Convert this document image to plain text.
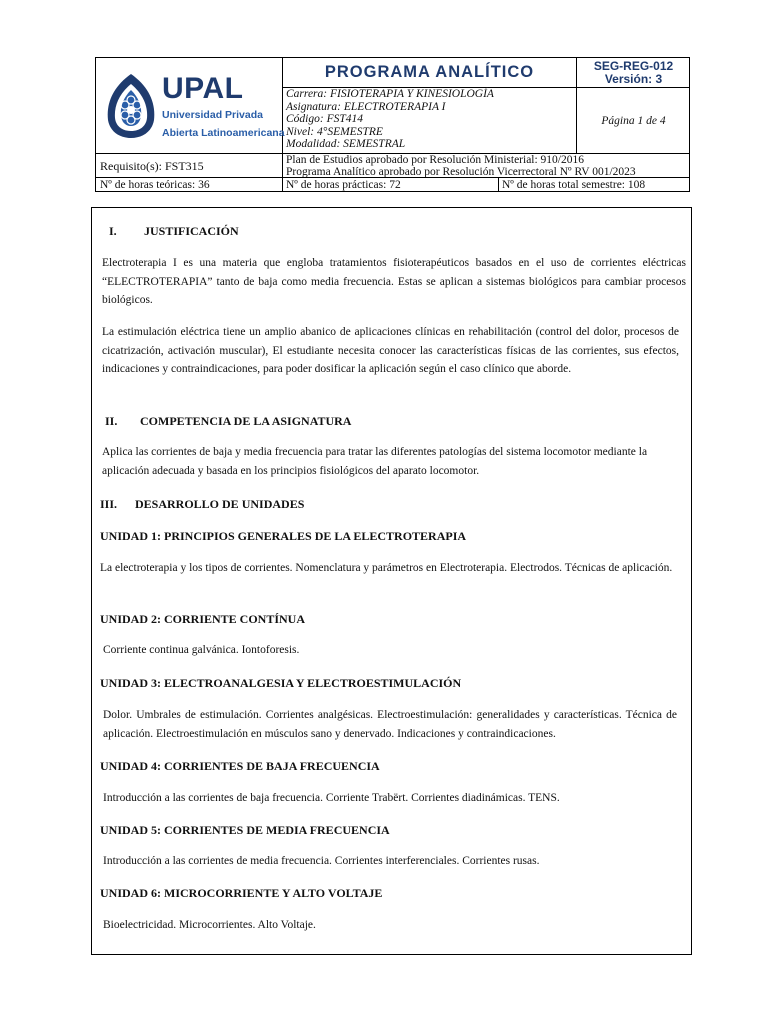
UPAL
Universidad Privada
Abierta Latinoamericana
PROGRAMA ANALÍTICO	SEG-REG-012
Versión: 3
Carrera: FISIOTERAPIA Y KINESIOLOGÍA
Asignatura: ELECTROTERAPIA I
Código: FST414
Nivel: 4°SEMESTRE
Modalidad: SEMESTRAL
Página 1 de 4
Requisito(s): FST315	Plan de Estudios aprobado por Resolución Ministerial: 910/2016
Programa Analítico aprobado por Resolución Vicerrectoral Nº RV 001/2023
Nº de horas teóricas: 36	Nº de horas prácticas: 72	Nº de horas total semestre: 108
I. JUSTIFICACIÓN
Electroterapia I es una materia que engloba tratamientos fisioterapéuticos basados en el uso de corrientes eléctricas “ELECTROTERAPIA” tanto de baja como media frecuencia. Estas se aplican a sistemas biológicos para cambiar procesos biológicos.
La estimulación eléctrica tiene un amplio abanico de aplicaciones clínicas en rehabilitación (control del dolor, procesos de cicatrización, activación muscular), El estudiante necesita conocer las características físicas de las corrientes, sus efectos, indicaciones y contraindicaciones, para poder dosificar la aplicación según el caso clínico que aborde.
II. COMPETENCIA DE LA ASIGNATURA
Aplica las corrientes de baja y media frecuencia para tratar las diferentes patologías del sistema locomotor mediante la aplicación adecuada y basada en los principios fisiológicos del aparato locomotor.
III. DESARROLLO DE UNIDADES
UNIDAD 1: PRINCIPIOS GENERALES DE LA ELECTROTERAPIA
La electroterapia y los tipos de corrientes. Nomenclatura y parámetros en Electroterapia. Electrodos. Técnicas de aplicación.
UNIDAD 2: CORRIENTE CONTÍNUA
Corriente continua galvánica. Iontoforesis.
UNIDAD 3: ELECTROANALGESIA Y ELECTROESTIMULACIÓN
Dolor. Umbrales de estimulación. Corrientes analgésicas. Electroestimulación: generalidades y características. Técnica de aplicación. Electroestimulación en músculos sano y denervado. Indicaciones y contraindicaciones.
UNIDAD 4: CORRIENTES DE BAJA FRECUENCIA
Introducción a las corrientes de baja frecuencia. Corriente Trabërt. Corrientes diadinámicas. TENS.
UNIDAD 5: CORRIENTES DE MEDIA FRECUENCIA
Introducción a las corrientes de media frecuencia. Corrientes interferenciales. Corrientes rusas.
UNIDAD 6: MICROCORRIENTE Y ALTO VOLTAJE
Bioelectricidad. Microcorrientes. Alto Voltaje.
